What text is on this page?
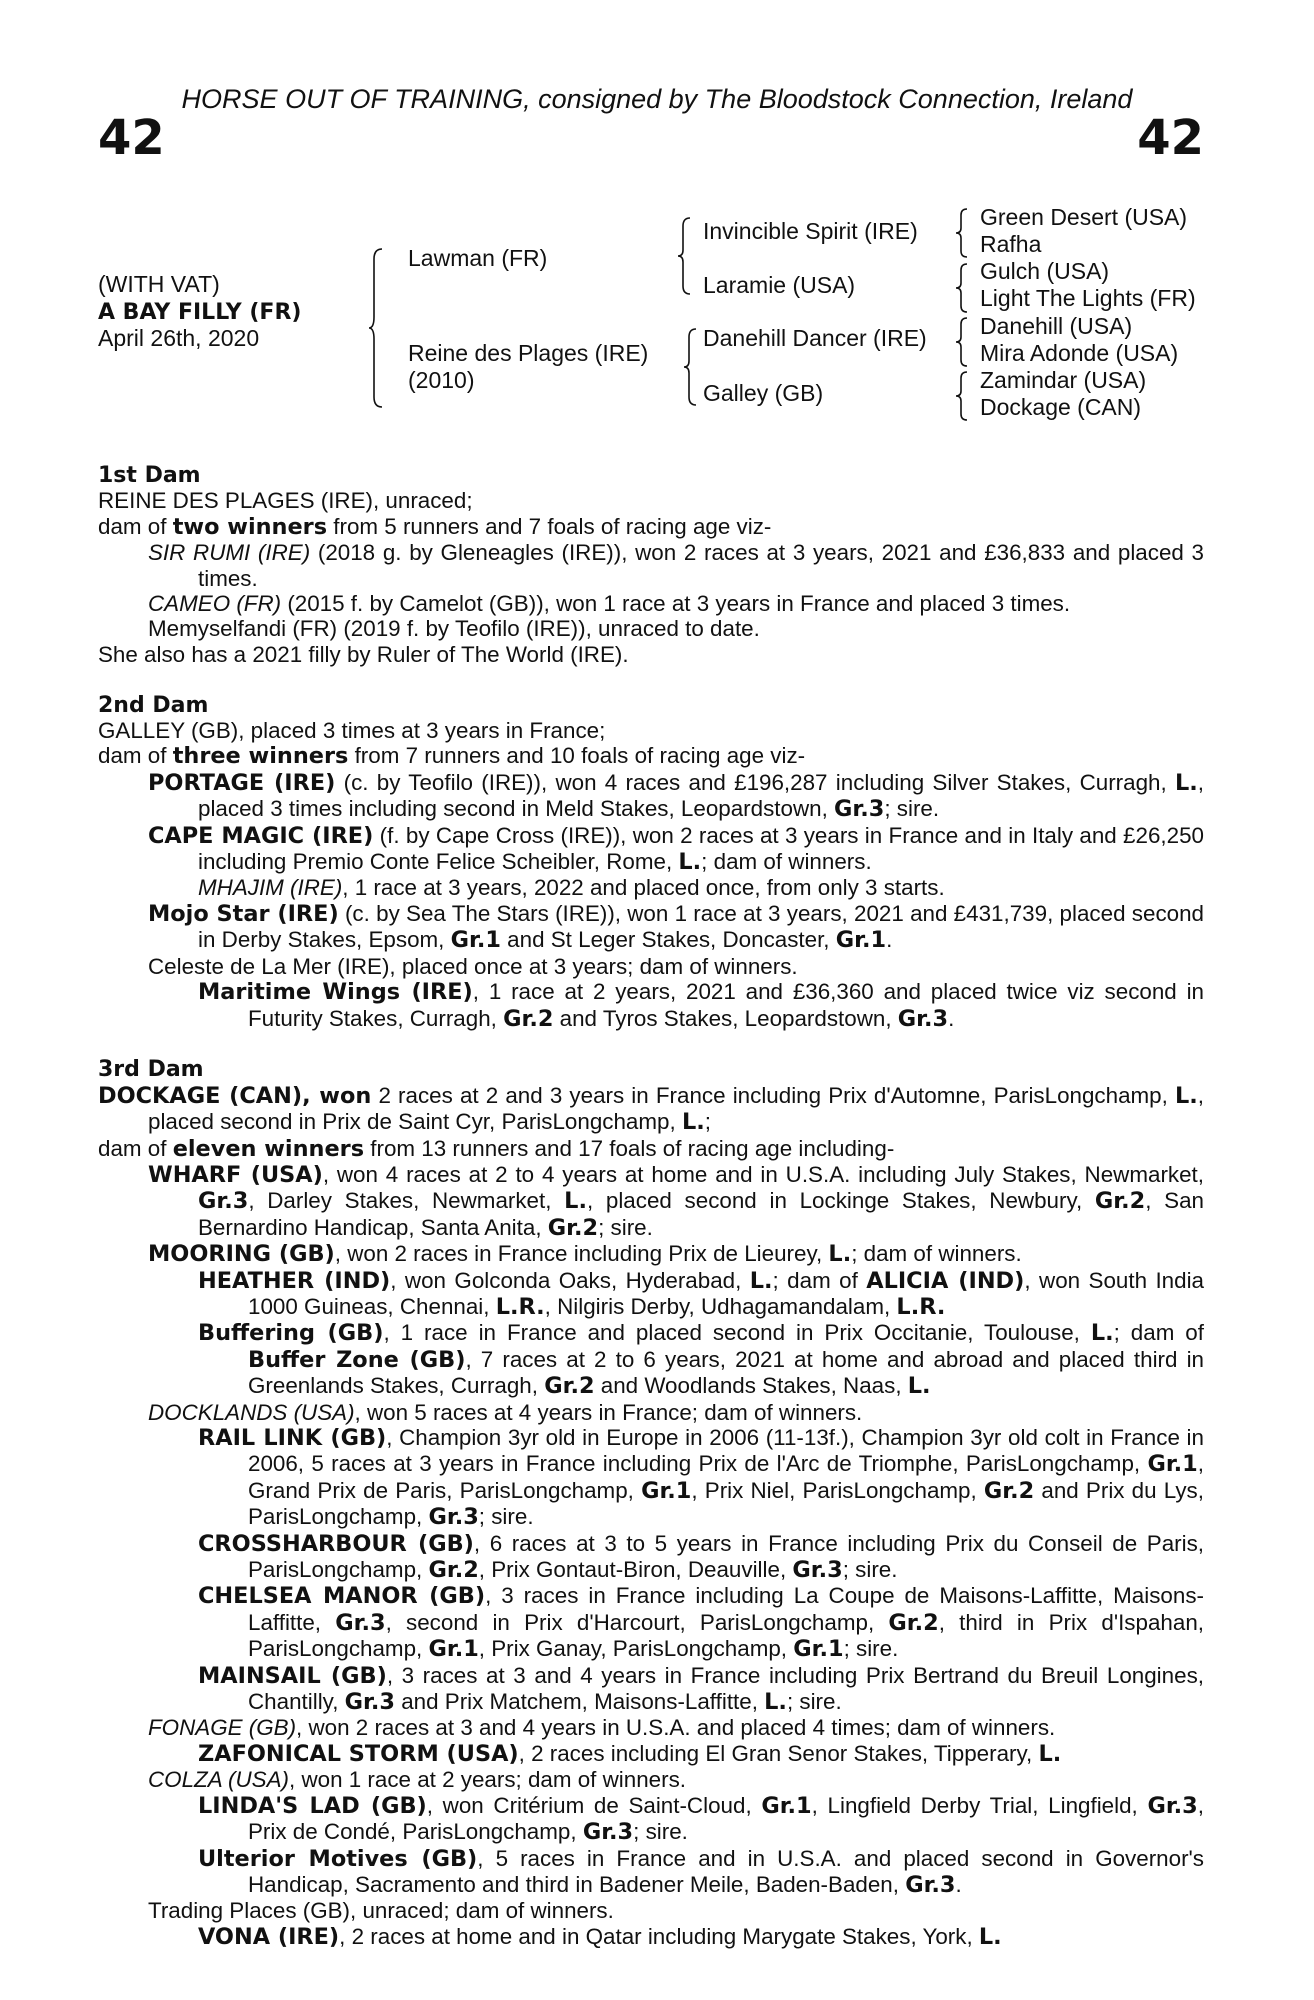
HORSE OUT OF TRAINING, consigned by The Bloodstock Connection, Ireland
42	42
(WITH VAT)
A BAY FILLY (FR)
April 26th, 2020
Lawman (FR)
Reine des Plages (IRE)
(2010)
Invincible Spirit (IRE)
Laramie (USA)
Danehill Dancer (IRE)
Galley (GB)
Green Desert (USA)
Rafha
Gulch (USA)
Light The Lights (FR)
Danehill (USA)
Mira Adonde (USA)
Zamindar (USA)
Dockage (CAN)
1st Dam
REINE DES PLAGES (IRE), unraced;
dam of two winners from 5 runners and 7 foals of racing age viz-
SIR RUMI (IRE) (2018 g. by Gleneagles (IRE)), won 2 races at 3 years, 2021 and £36,833 and placed 3 times.
CAMEO (FR) (2015 f. by Camelot (GB)), won 1 race at 3 years in France and placed 3 times.
Memyselfandi (FR) (2019 f. by Teofilo (IRE)), unraced to date.
She also has a 2021 filly by Ruler of The World (IRE).
2nd Dam
GALLEY (GB), placed 3 times at 3 years in France;
dam of three winners from 7 runners and 10 foals of racing age viz-
PORTAGE (IRE) (c. by Teofilo (IRE)), won 4 races and £196,287 including Silver Stakes, Curragh, L., placed 3 times including second in Meld Stakes, Leopardstown, Gr.3; sire.
CAPE MAGIC (IRE) (f. by Cape Cross (IRE)), won 2 races at 3 years in France and in Italy and £26,250 including Premio Conte Felice Scheibler, Rome, L.; dam of winners.
MHAJIM (IRE), 1 race at 3 years, 2022 and placed once, from only 3 starts.
Mojo Star (IRE) (c. by Sea The Stars (IRE)), won 1 race at 3 years, 2021 and £431,739, placed second in Derby Stakes, Epsom, Gr.1 and St Leger Stakes, Doncaster, Gr.1.
Celeste de La Mer (IRE), placed once at 3 years; dam of winners.
Maritime Wings (IRE), 1 race at 2 years, 2021 and £36,360 and placed twice viz second in Futurity Stakes, Curragh, Gr.2 and Tyros Stakes, Leopardstown, Gr.3.
3rd Dam
DOCKAGE (CAN), won 2 races at 2 and 3 years in France including Prix d'Automne, ParisLongchamp, L., placed second in Prix de Saint Cyr, ParisLongchamp, L.;
dam of eleven winners from 13 runners and 17 foals of racing age including-
WHARF (USA), won 4 races at 2 to 4 years at home and in U.S.A. including July Stakes, Newmarket, Gr.3, Darley Stakes, Newmarket, L., placed second in Lockinge Stakes, Newbury, Gr.2, San Bernardino Handicap, Santa Anita, Gr.2; sire.
MOORING (GB), won 2 races in France including Prix de Lieurey, L.; dam of winners.
HEATHER (IND), won Golconda Oaks, Hyderabad, L.; dam of ALICIA (IND), won South India 1000 Guineas, Chennai, L.R., Nilgiris Derby, Udhagamandalam, L.R.
Buffering (GB), 1 race in France and placed second in Prix Occitanie, Toulouse, L.; dam of Buffer Zone (GB), 7 races at 2 to 6 years, 2021 at home and abroad and placed third in Greenlands Stakes, Curragh, Gr.2 and Woodlands Stakes, Naas, L.
DOCKLANDS (USA), won 5 races at 4 years in France; dam of winners.
RAIL LINK (GB), Champion 3yr old in Europe in 2006 (11-13f.), Champion 3yr old colt in France in 2006, 5 races at 3 years in France including Prix de l'Arc de Triomphe, ParisLongchamp, Gr.1, Grand Prix de Paris, ParisLongchamp, Gr.1, Prix Niel, ParisLongchamp, Gr.2 and Prix du Lys, ParisLongchamp, Gr.3; sire.
CROSSHARBOUR (GB), 6 races at 3 to 5 years in France including Prix du Conseil de Paris, ParisLongchamp, Gr.2, Prix Gontaut-Biron, Deauville, Gr.3; sire.
CHELSEA MANOR (GB), 3 races in France including La Coupe de Maisons-Laffitte, Maisons-Laffitte, Gr.3, second in Prix d'Harcourt, ParisLongchamp, Gr.2, third in Prix d'Ispahan, ParisLongchamp, Gr.1, Prix Ganay, ParisLongchamp, Gr.1; sire.
MAINSAIL (GB), 3 races at 3 and 4 years in France including Prix Bertrand du Breuil Longines, Chantilly, Gr.3 and Prix Matchem, Maisons-Laffitte, L.; sire.
FONAGE (GB), won 2 races at 3 and 4 years in U.S.A. and placed 4 times; dam of winners.
ZAFONICAL STORM (USA), 2 races including El Gran Senor Stakes, Tipperary, L.
COLZA (USA), won 1 race at 2 years; dam of winners.
LINDA'S LAD (GB), won Critérium de Saint-Cloud, Gr.1, Lingfield Derby Trial, Lingfield, Gr.3, Prix de Condé, ParisLongchamp, Gr.3; sire.
Ulterior Motives (GB), 5 races in France and in U.S.A. and placed second in Governor's Handicap, Sacramento and third in Badener Meile, Baden-Baden, Gr.3.
Trading Places (GB), unraced; dam of winners.
VONA (IRE), 2 races at home and in Qatar including Marygate Stakes, York, L.
